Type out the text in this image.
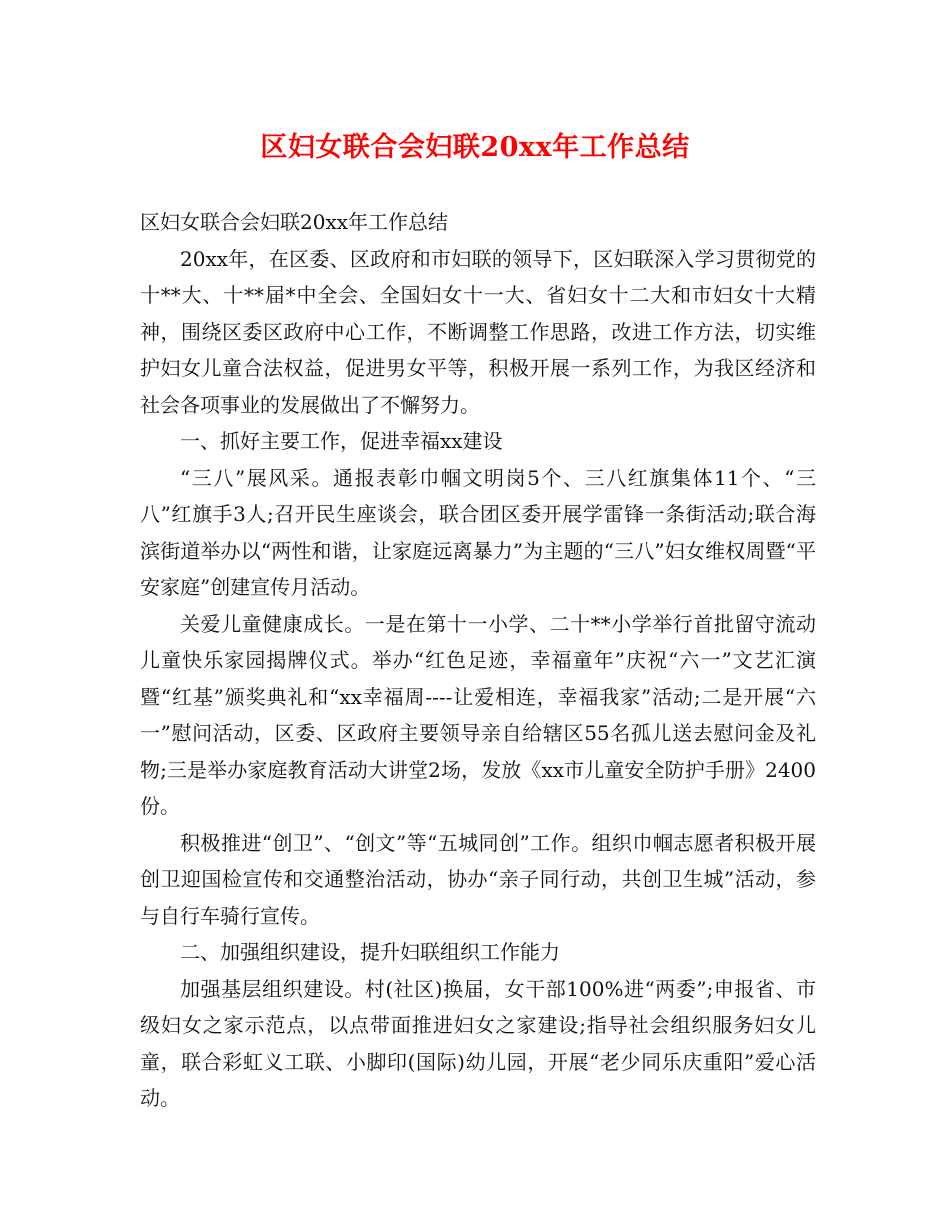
区妇女联合会妇联20xx年工作总结

区妇女联合会妇联20xx年工作总结

20xx年，在区委、区政府和市妇联的领导下，区妇联深入学习贯彻党的十**大、十**届*中全会、全国妇女十一大、省妇女十二大和市妇女十大精神，围绕区委区政府中心工作，不断调整工作思路，改进工作方法，切实维护妇女儿童合法权益，促进男女平等，积极开展一系列工作，为我区经济和社会各项事业的发展做出了不懈努力。

一、抓好主要工作，促进幸福xx建设

“三八”展风采。通报表彰巾帼文明岗5个、三八红旗集体11个、“三八”红旗手3人;召开民生座谈会，联合团区委开展学雷锋一条街活动;联合海滨街道举办以“两性和谐，让家庭远离暴力”为主题的“三八”妇女维权周暨“平安家庭”创建宣传月活动。

关爱儿童健康成长。一是在第十一小学、二十**小学举行首批留守流动儿童快乐家园揭牌仪式。举办“红色足迹，幸福童年”庆祝“六一”文艺汇演暨“红基”颁奖典礼和“xx幸福周----让爱相连，幸福我家”活动;二是开展“六一”慰问活动，区委、区政府主要领导亲自给辖区55名孤儿送去慰问金及礼物;三是举办家庭教育活动大讲堂2场，发放《xx市儿童安全防护手册》2400份。

积极推进“创卫”、“创文”等“五城同创”工作。组织巾帼志愿者积极开展创卫迎国检宣传和交通整治活动，协办“亲子同行动，共创卫生城”活动，参与自行车骑行宣传。

二、加强组织建设，提升妇联组织工作能力

加强基层组织建设。村(社区)换届，女干部100%进“两委”;申报省、市级妇女之家示范点，以点带面推进妇女之家建设;指导社会组织服务妇女儿童，联合彩虹义工联、小脚印(国际)幼儿园，开展“老少同乐庆重阳”爱心活动。
